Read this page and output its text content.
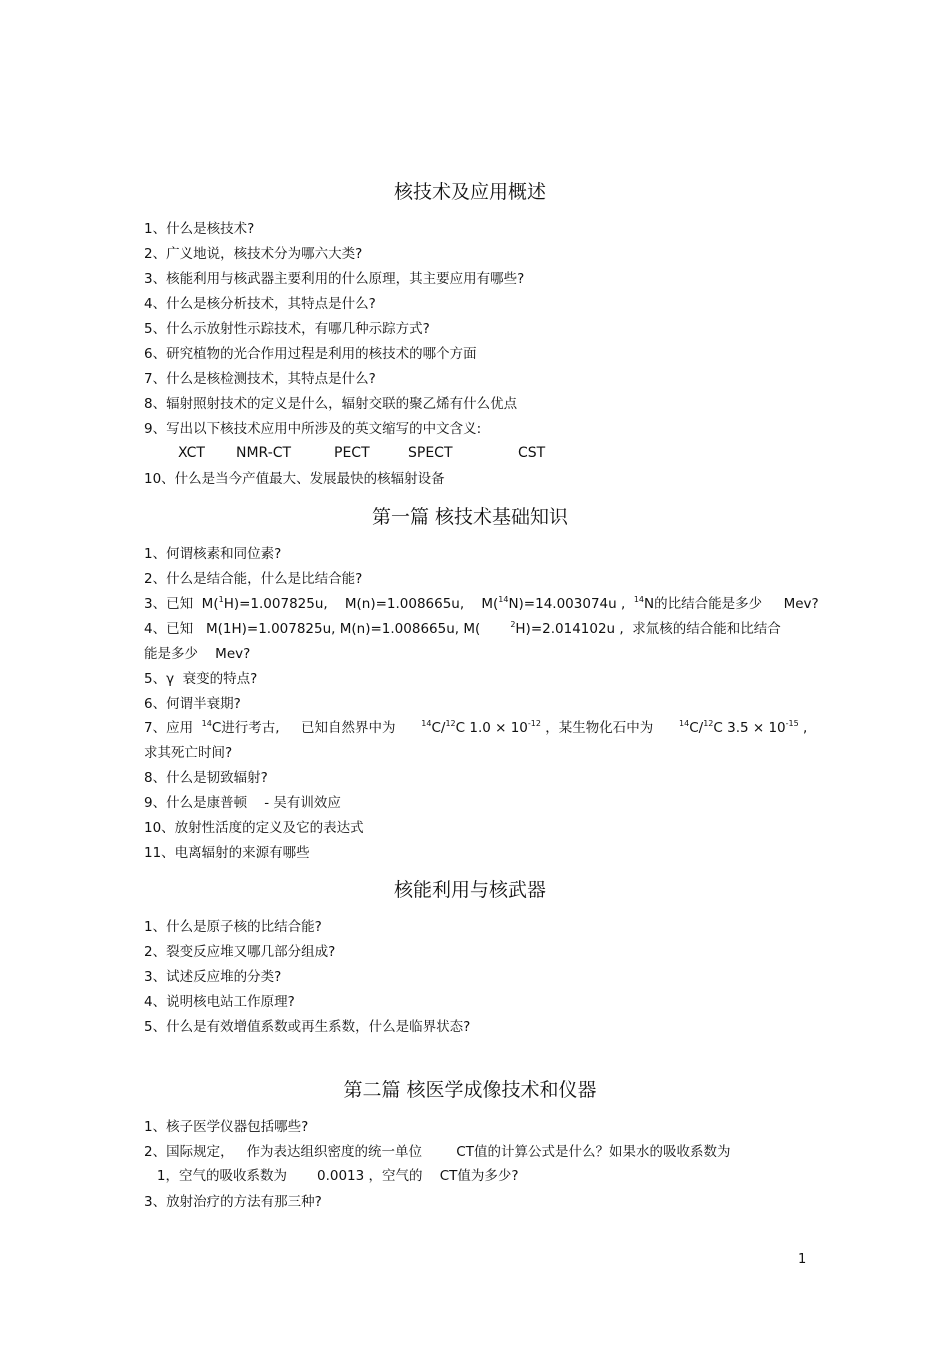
核技术及应用概述
1、什么是核技术?
2、广义地说，核技术分为哪六大类?
3、核能利用与核武器主要利用的什么原理，其主要应用有哪些?
4、什么是核分析技术，其特点是什么?
5、什么示放射性示踪技术，有哪几种示踪方式?
6、研究植物的光合作用过程是利用的核技术的哪个方面
7、什么是核检测技术，其特点是什么?
8、辐射照射技术的定义是什么，辐射交联的聚乙烯有什么优点
9、写出以下核技术应用中所涉及的英文缩写的中文含义:
XCT NMR-CT	PECT	SPECT	CST
10、什么是当今产值最大、发展最快的核辐射设备
第一篇 核技术基础知识
1、何谓核素和同位素?
2、什么是结合能，什么是比结合能?
3、已知  M($^1$H)=1.007825u,    M(n)=1.008665u,    M($^{14}$N)=14.003074u ,  $^{14}$N的比结合能是多少     Mev?
4、已知   M(1H)=1.007825u, M(n)=1.008665u, M(       $^2$H)=2.014102u ,  求氚核的结合能和比结合
能是多少    Mev?
5、γ  衰变的特点?
6、何谓半衰期?
7、应用  $^{14}$C进行考古,     已知自然界中为      $^{14}$C/$^{12}$C $1.0 \times 10^{-12}$ ，某生物化石中为      $^{14}$C/$^{12}$C $3.5 \times 10^{-15}$ ,
求其死亡时间?
8、什么是韧致辐射?
9、什么是康普顿    - 吴有训效应
10、放射性活度的定义及它的表达式
11、电离辐射的来源有哪些
核能利用与核武器
1、什么是原子核的比结合能?
2、裂变反应堆又哪几部分组成?
3、试述反应堆的分类?
4、说明核电站工作原理?
5、什么是有效增值系数或再生系数，什么是临界状态?
第二篇 核医学成像技术和仪器
1、核子医学仪器包括哪些?
2、国际规定，   作为表达组织密度的统一单位        CT值的计算公式是什么？如果水的吸收系数为
1，空气的吸收系数为       0.0013 ，空气的    CT值为多少?
3、放射治疗的方法有那三种?
1
